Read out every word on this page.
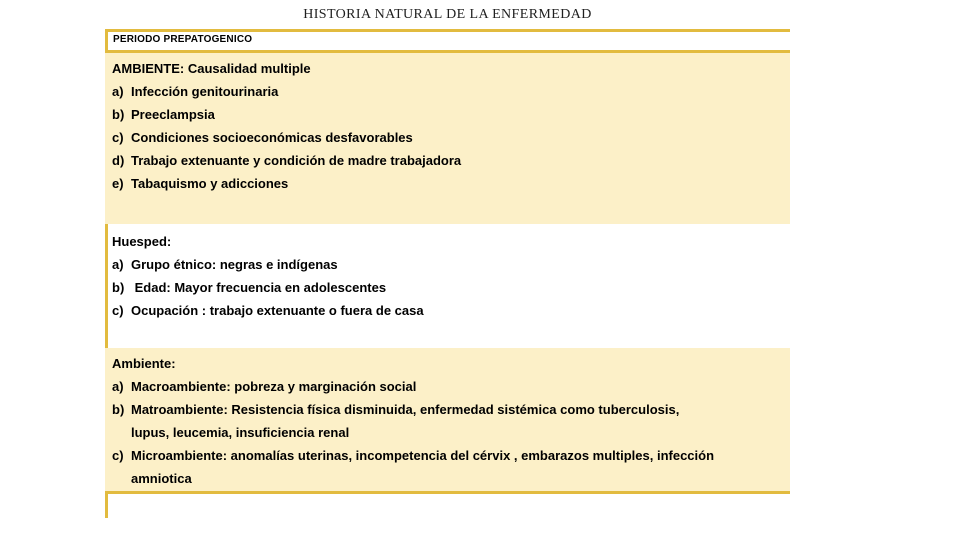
HISTORIA NATURAL DE LA ENFERMEDAD
PERIODO PREPATOGENICO
AMBIENTE: Causalidad multiple
a) Infección genitourinaria
b) Preeclampsia
c) Condiciones socioeconómicas desfavorables
d) Trabajo extenuante y condición de madre trabajadora
e) Tabaquismo y adicciones
Huesped:
a) Grupo étnico: negras e indígenas
b) Edad: Mayor frecuencia en adolescentes
c) Ocupación : trabajo extenuante o fuera de casa
Ambiente:
a) Macroambiente: pobreza y marginación social
b) Matroambiente: Resistencia física disminuida, enfermedad sistémica como tuberculosis, lupus, leucemia, insuficiencia renal
c) Microambiente: anomalías uterinas, incompetencia del cérvix , embarazos multiples, infección amniotica
